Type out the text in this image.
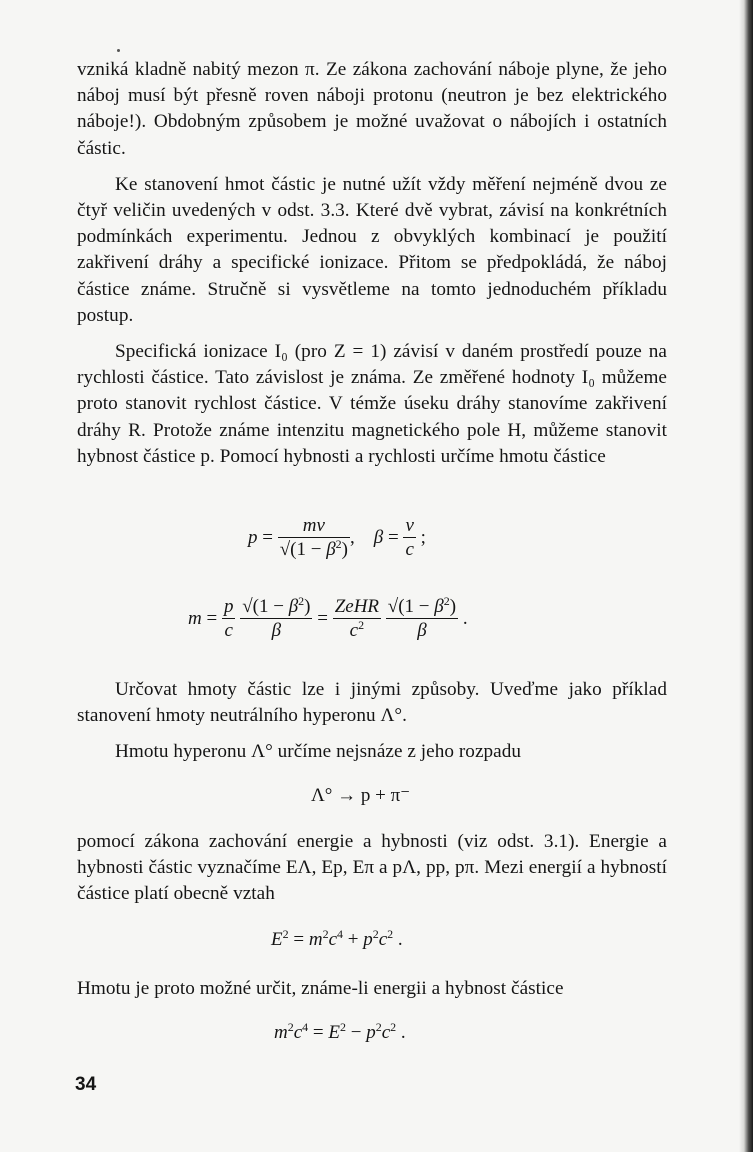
vzniká kladně nabitý mezon π. Ze zákona zachování náboje plyne, že jeho náboj musí být přesně roven náboji protonu (neutron je bez elektrického náboje!). Obdobným způsobem je možné uvažovat o nábojích i ostatních částic.

Ke stanovení hmot částic je nutné užít vždy měření nejméně dvou ze čtyř veličin uvedených v odst. 3.3. Které dvě vybrat, závisí na konkrétních podmínkách experimentu. Jednou z obvyklých kombinací je použití zakřivení dráhy a specifické ionizace. Přitom se předpokládá, že náboj částice známe. Stručně si vysvětleme na tomto jednoduchém příkladu postup.

Specifická ionizace I₀ (pro Z = 1) závisí v daném prostředí pouze na rychlosti částice. Tato závislost je známa. Ze změřené hodnoty I₀ můžeme proto stanovit rychlost částice. V témže úseku dráhy stanovíme zakřivení dráhy R. Protože známe intenzitu magnetického pole H, můžeme stanovit hybnost částice p. Pomocí hybnosti a rychlosti určíme hmotu částice

$p = \frac{mv}{√(1 - \beta^2)}$ ,    $\beta = \frac{v}{c}$ ;
$m = \frac{p}{c}$
$\frac{√(1 - \beta^2)}{\beta} = \frac{\text{ZeHR}}{c^2}$
$\frac{√(1 - \beta^2)}{\beta}$ .

Určovat hmoty částic lze i jinými způsoby. Uveďme jako příklad stanovení hmoty neutrálního hyperonu Λ°.

Hmotu hyperonu Λ° určíme nejsnáze z jeho rozpadu

Λ° → p + π⁻

pomocí zákona zachování energie a hybnosti (viz odst. 3.1). Energie a hybnosti částic vyznačíme EΛ, Ep, Eπ a pΛ, pp, pπ. Mezi energií a hybností částice platí obecně vztah

$E^2 = m^2c^4 + p^2c^2$ .

Hmotu je proto možné určit, známe-li energii a hybnost částice

$m^2c^4 = E^2 - p^2c^2$ .
34
